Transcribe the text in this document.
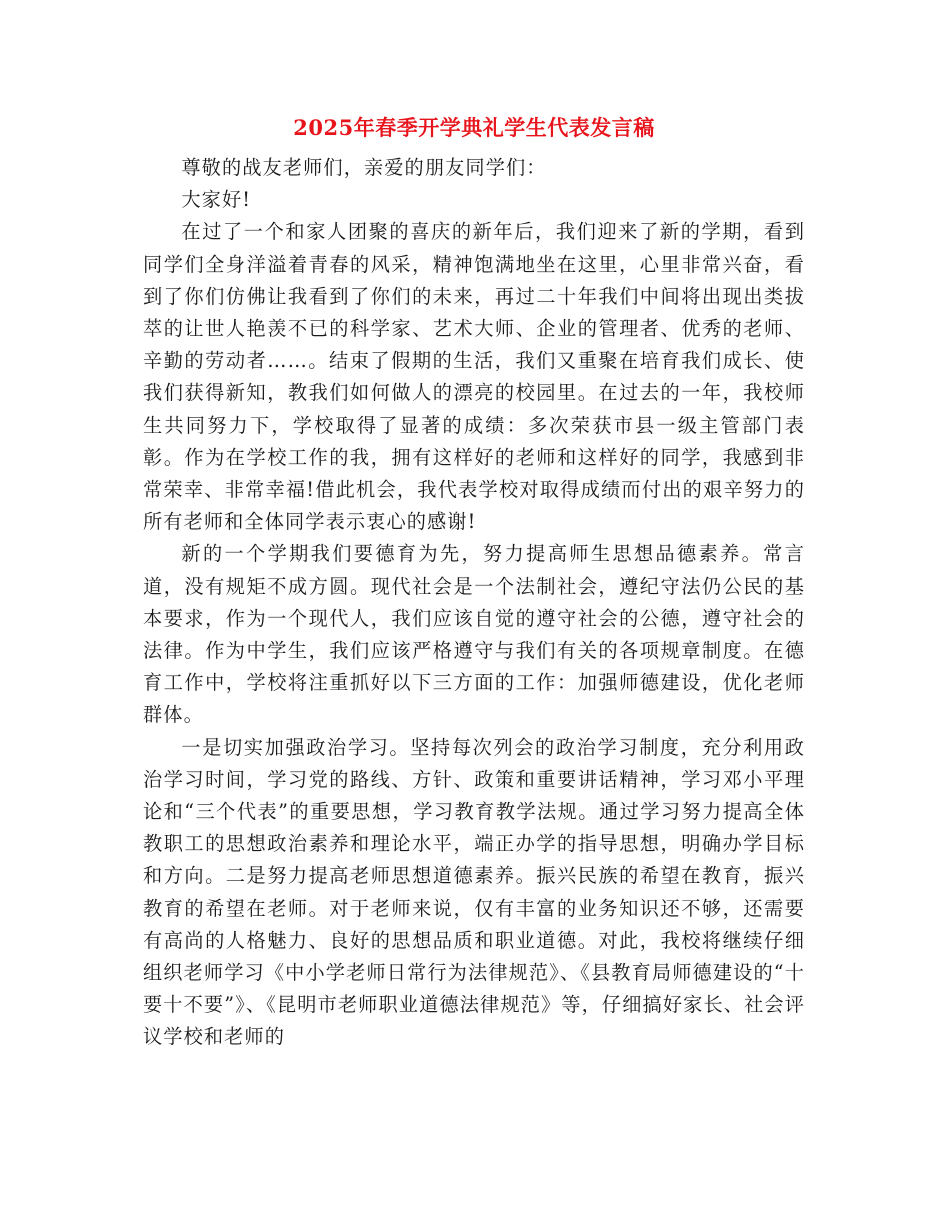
2025年春季开学典礼学生代表发言稿

尊敬的战友老师们，亲爱的朋友同学们：

大家好!

在过了一个和家人团聚的喜庆的新年后，我们迎来了新的学期，看到同学们全身洋溢着青春的风采，精神饱满地坐在这里，心里非常兴奋，看到了你们仿佛让我看到了你们的未来，再过二十年我们中间将出现出类拔萃的让世人艳羡不已的科学家、艺术大师、企业的管理者、优秀的老师、辛勤的劳动者……。结束了假期的生活，我们又重聚在培育我们成长、使我们获得新知，教我们如何做人的漂亮的校园里。在过去的一年，我校师生共同努力下，学校取得了显著的成绩：多次荣获市县一级主管部门表彰。作为在学校工作的我，拥有这样好的老师和这样好的同学，我感到非常荣幸、非常幸福!借此机会，我代表学校对取得成绩而付出的艰辛努力的所有老师和全体同学表示衷心的感谢!

新的一个学期我们要德育为先，努力提高师生思想品德素养。常言道，没有规矩不成方圆。现代社会是一个法制社会，遵纪守法仍公民的基本要求，作为一个现代人，我们应该自觉的遵守社会的公德，遵守社会的法律。作为中学生，我们应该严格遵守与我们有关的各项规章制度。在德育工作中，学校将注重抓好以下三方面的工作：加强师德建设，优化老师群体。

一是切实加强政治学习。坚持每次列会的政治学习制度，充分利用政治学习时间，学习党的路线、方针、政策和重要讲话精神，学习邓小平理论和“三个代表”的重要思想，学习教育教学法规。通过学习努力提高全体教职工的思想政治素养和理论水平，端正办学的指导思想，明确办学目标和方向。二是努力提高老师思想道德素养。振兴民族的希望在教育，振兴教育的希望在老师。对于老师来说，仅有丰富的业务知识还不够，还需要有高尚的人格魅力、良好的思想品质和职业道德。对此，我校将继续仔细组织老师学习《中小学老师日常行为法律规范》、《县教育局师德建设的“十要十不要”》、《昆明市老师职业道德法律规范》等，仔细搞好家长、社会评议学校和老师的
